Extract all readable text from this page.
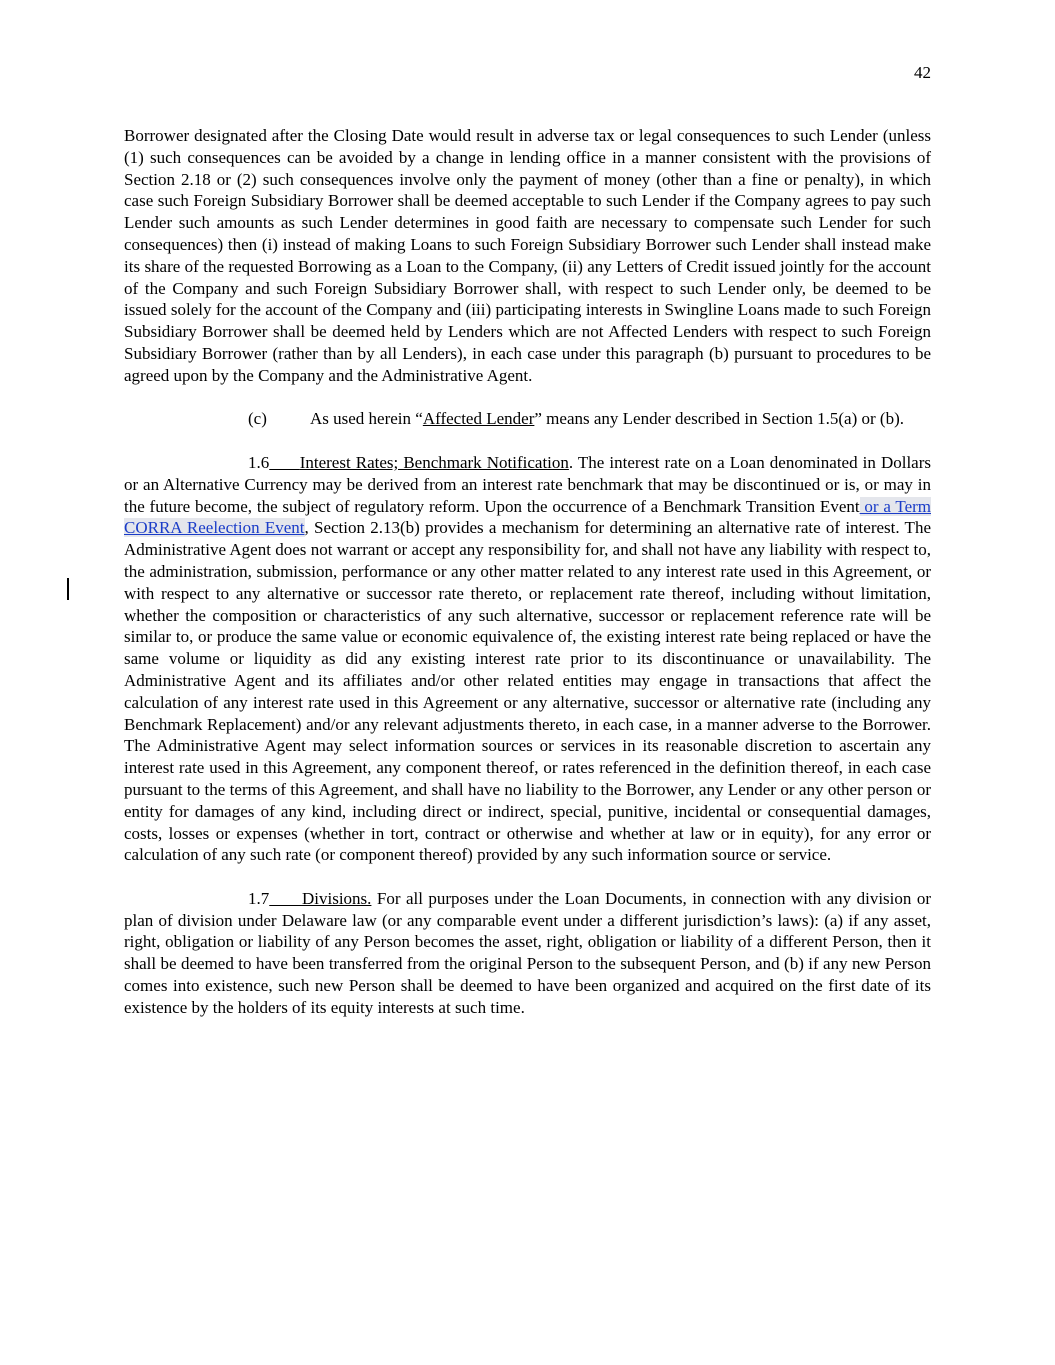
42

Borrower designated after the Closing Date would result in adverse tax or legal consequences to such Lender (unless (1) such consequences can be avoided by a change in lending office in a manner consistent with the provisions of Section 2.18 or (2) such consequences involve only the payment of money (other than a fine or penalty), in which case such Foreign Subsidiary Borrower shall be deemed acceptable to such Lender if the Company agrees to pay such Lender such amounts as such Lender determines in good faith are necessary to compensate such Lender for such consequences) then (i) instead of making Loans to such Foreign Subsidiary Borrower such Lender shall instead make its share of the requested Borrowing as a Loan to the Company, (ii) any Letters of Credit issued jointly for the account of the Company and such Foreign Subsidiary Borrower shall, with respect to such Lender only, be deemed to be issued solely for the account of the Company and (iii) participating interests in Swingline Loans made to such Foreign Subsidiary Borrower shall be deemed held by Lenders which are not Affected Lenders with respect to such Foreign Subsidiary Borrower (rather than by all Lenders), in each case under this paragraph (b) pursuant to procedures to be agreed upon by the Company and the Administrative Agent.

(c)	As used herein “Affected Lender” means any Lender described in Section 1.5(a) or (b).

1.6 Interest Rates; Benchmark Notification. The interest rate on a Loan denominated in Dollars or an Alternative Currency may be derived from an interest rate benchmark that may be discontinued or is, or may in the future become, the subject of regulatory reform. Upon the occurrence of a Benchmark Transition Event or a Term CORRA Reelection Event, Section 2.13(b) provides a mechanism for determining an alternative rate of interest. The Administrative Agent does not warrant or accept any responsibility for, and shall not have any liability with respect to, the administration, submission, performance or any other matter related to any interest rate used in this Agreement, or with respect to any alternative or successor rate thereto, or replacement rate thereof, including without limitation, whether the composition or characteristics of any such alternative, successor or replacement reference rate will be similar to, or produce the same value or economic equivalence of, the existing interest rate being replaced or have the same volume or liquidity as did any existing interest rate prior to its discontinuance or unavailability. The Administrative Agent and its affiliates and/or other related entities may engage in transactions that affect the calculation of any interest rate used in this Agreement or any alternative, successor or alternative rate (including any Benchmark Replacement) and/or any relevant adjustments thereto, in each case, in a manner adverse to the Borrower. The Administrative Agent may select information sources or services in its reasonable discretion to ascertain any interest rate used in this Agreement, any component thereof, or rates referenced in the definition thereof, in each case pursuant to the terms of this Agreement, and shall have no liability to the Borrower, any Lender or any other person or entity for damages of any kind, including direct or indirect, special, punitive, incidental or consequential damages, costs, losses or expenses (whether in tort, contract or otherwise and whether at law or in equity), for any error or calculation of any such rate (or component thereof) provided by any such information source or service.

1.7 Divisions. For all purposes under the Loan Documents, in connection with any division or plan of division under Delaware law (or any comparable event under a different jurisdiction’s laws): (a) if any asset, right, obligation or liability of any Person becomes the asset, right, obligation or liability of a different Person, then it shall be deemed to have been transferred from the original Person to the subsequent Person, and (b) if any new Person comes into existence, such new Person shall be deemed to have been organized and acquired on the first date of its existence by the holders of its equity interests at such time.
